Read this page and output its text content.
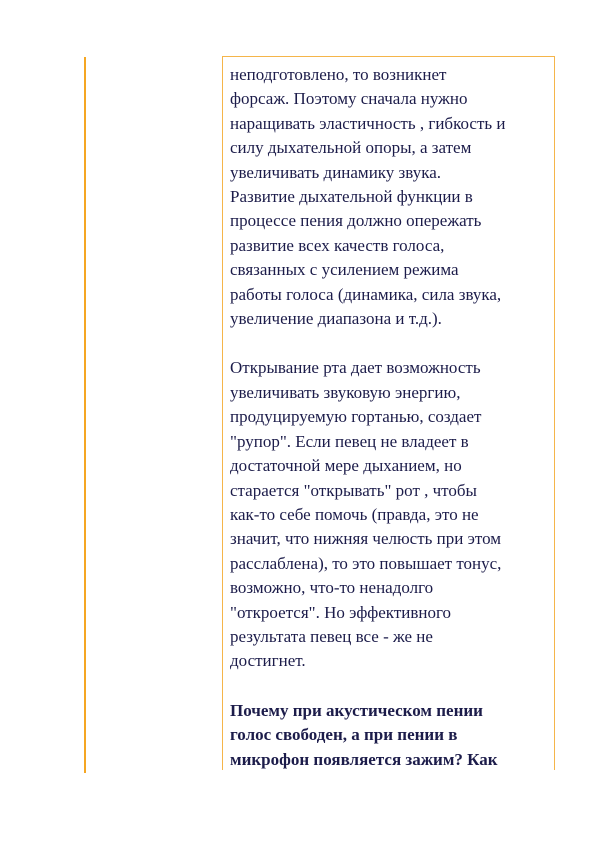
неподготовлено, то возникнет
форсаж. Поэтому сначала нужно
наращивать эластичность , гибкость и
силу дыхательной опоры, а затем
увеличивать динамику звука.
Развитие дыхательной функции в
процессе пения должно опережать
развитие всех качеств голоса,
связанных с усилением режима
работы голоса (динамика, сила звука,
увеличение диапазона и т.д.).

Открывание рта дает возможность
увеличивать звуковую энергию,
продуцируемую гортанью, создает
"рупор". Если певец не владеет в
достаточной мере дыханием, но
старается "открывать" рот , чтобы
как-то себе помочь (правда, это не
значит, что нижняя челюсть при этом
расслаблена), то это повышает тонус,
возможно, что-то ненадолго
"откроется". Но эффективного
результата певец все - же не
достигнет.

Почему при акустическом пении
голос свободен, а при пении в
микрофон появляется зажим? Как
